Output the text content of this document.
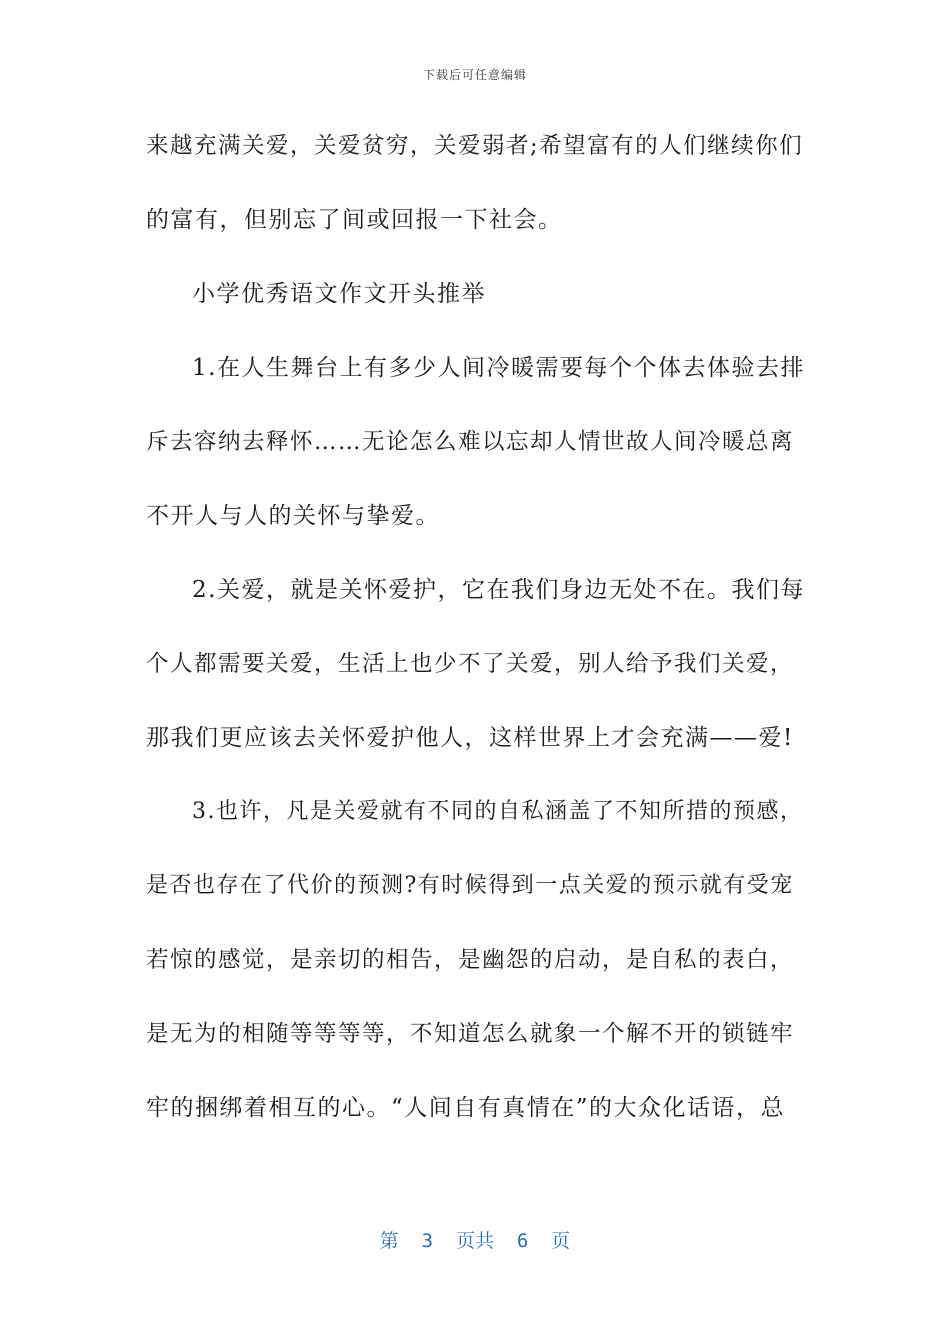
下载后可任意编辑
来越充满关爱，关爱贫穷，关爱弱者;希望富有的人们继续你们
的富有，但别忘了间或回报一下社会。
小学优秀语文作文开头推举
1.在人生舞台上有多少人间冷暖需要每个个体去体验去排
斥去容纳去释怀……无论怎么难以忘却人情世故人间冷暖总离
不开人与人的关怀与挚爱。
2.关爱，就是关怀爱护，它在我们身边无处不在。我们每
个人都需要关爱，生活上也少不了关爱，别人给予我们关爱，
那我们更应该去关怀爱护他人，这样世界上才会充满——爱!
3.也许，凡是关爱就有不同的自私涵盖了不知所措的预感，
是否也存在了代价的预测?有时候得到一点关爱的预示就有受宠
若惊的感觉，是亲切的相告，是幽怨的启动，是自私的表白，
是无为的相随等等等等，不知道怎么就象一个解不开的锁链牢
牢的捆绑着相互的心。“人间自有真情在”的大众化话语，总
第  3  页共  6  页
